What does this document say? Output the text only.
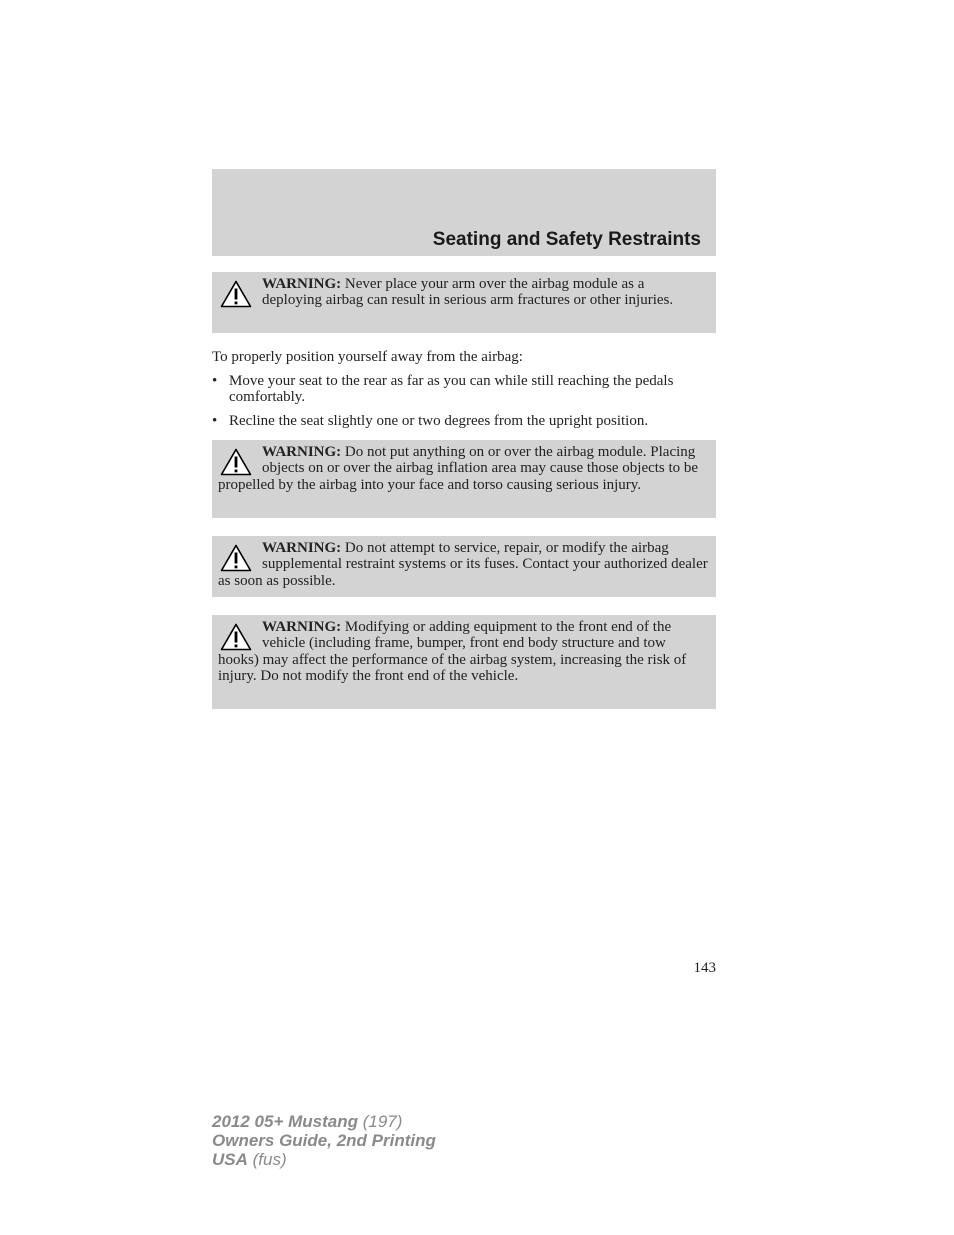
Seating and Safety Restraints
WARNING: Never place your arm over the airbag module as a deploying airbag can result in serious arm fractures or other injuries.
To properly position yourself away from the airbag:
• Move your seat to the rear as far as you can while still reaching the pedals comfortably.
• Recline the seat slightly one or two degrees from the upright position.
WARNING: Do not put anything on or over the airbag module. Placing objects on or over the airbag inflation area may cause those objects to be propelled by the airbag into your face and torso causing serious injury.
WARNING: Do not attempt to service, repair, or modify the airbag supplemental restraint systems or its fuses. Contact your authorized dealer as soon as possible.
WARNING: Modifying or adding equipment to the front end of the vehicle (including frame, bumper, front end body structure and tow hooks) may affect the performance of the airbag system, increasing the risk of injury. Do not modify the front end of the vehicle.
143
2012 05+ Mustang (197)
Owners Guide, 2nd Printing
USA (fus)
